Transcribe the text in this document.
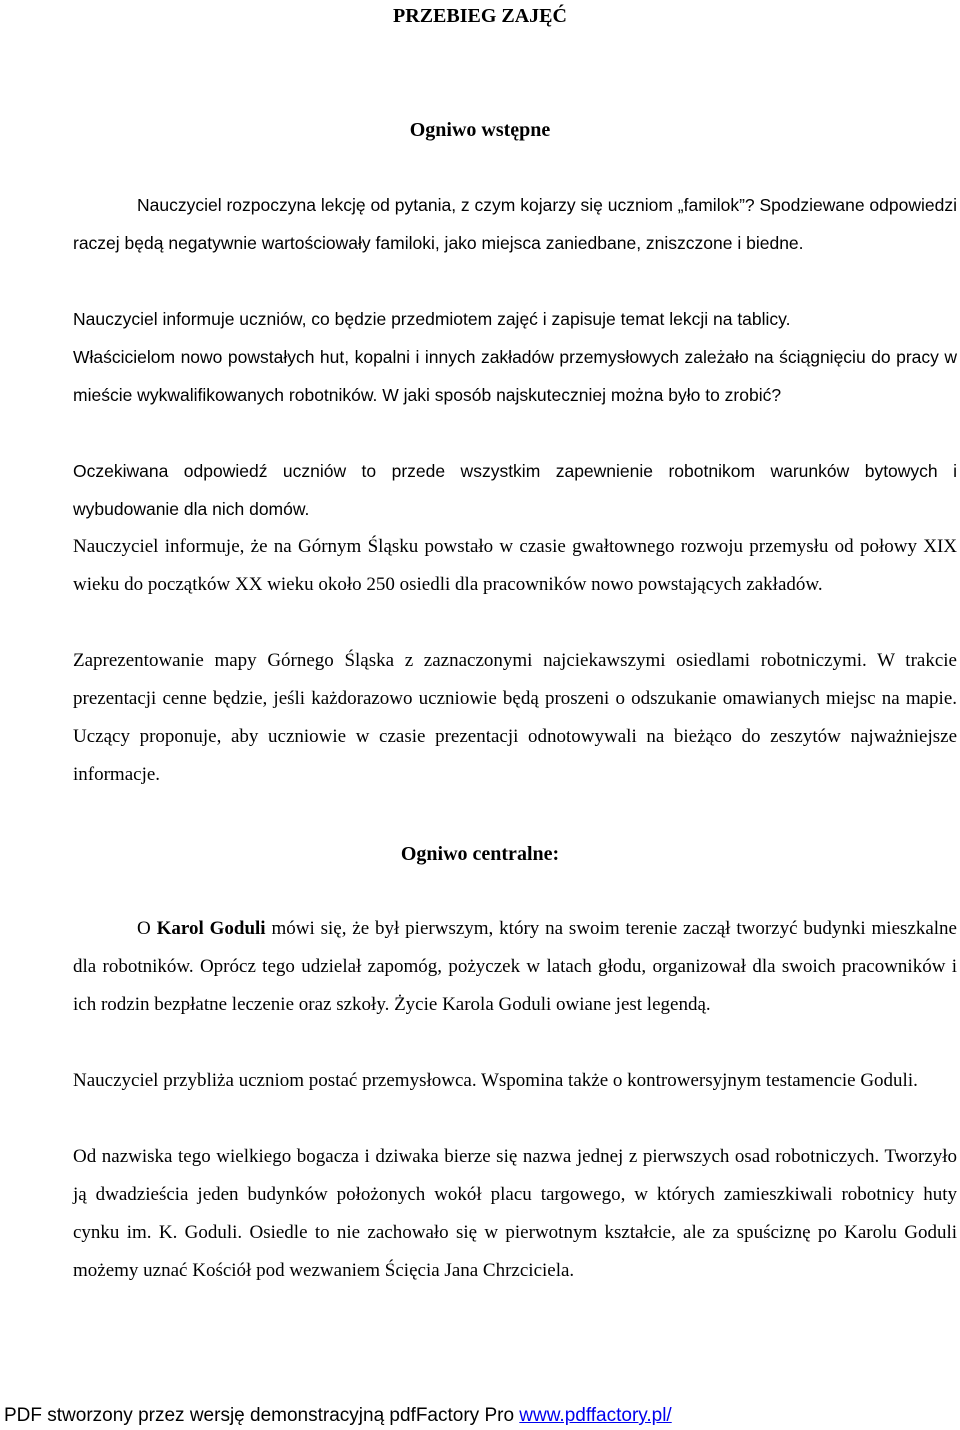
PRZEBIEG ZAJĘĆ
Ogniwo wstępne
Nauczyciel rozpoczyna lekcję od pytania, z czym kojarzy się uczniom „familok”? Spodziewane odpowiedzi raczej będą negatywnie wartościowały familoki, jako miejsca zaniedbane, zniszczone i biedne.
Nauczyciel informuje uczniów, co będzie przedmiotem zajęć i zapisuje temat lekcji na tablicy.
Właścicielom nowo powstałych hut, kopalni i innych zakładów przemysłowych zależało na ściągnięciu do pracy w mieście wykwalifikowanych robotników. W jaki sposób najskuteczniej można było to zrobić?
Oczekiwana odpowiedź uczniów to przede wszystkim zapewnienie robotnikom warunków bytowych i wybudowanie dla nich domów.
Nauczyciel informuje, że na Górnym Śląsku powstało w czasie gwałtownego rozwoju przemysłu od połowy XIX wieku do początków XX wieku około 250 osiedli dla pracowników nowo powstających zakładów.
Zaprezentowanie mapy Górnego Śląska z zaznaczonymi najciekawszymi osiedlami robotniczymi. W trakcie prezentacji cenne będzie, jeśli każdorazowo uczniowie będą proszeni o odszukanie omawianych miejsc na mapie. Uczący proponuje, aby uczniowie w czasie prezentacji odnotowywali na bieżąco do zeszytów najważniejsze informacje.
Ogniwo centralne:
O Karol Goduli mówi się, że był pierwszym, który na swoim terenie zaczął tworzyć budynki mieszkalne dla robotników. Oprócz tego udzielał zapomóg, pożyczek w latach głodu, organizował dla swoich pracowników i ich rodzin bezpłatne leczenie oraz szkoły. Życie Karola Goduli owiane jest legendą.
Nauczyciel przybliża uczniom postać przemysłowca. Wspomina także o kontrowersyjnym testamencie Goduli.
Od nazwiska tego wielkiego bogacza i dziwaka bierze się nazwa jednej z pierwszych osad robotniczych. Tworzyło ją dwadzieścia jeden budynków położonych wokół placu targowego, w których zamieszkiwali robotnicy huty cynku im. K. Goduli. Osiedle to nie zachowało się w pierwotnym kształcie, ale za spuściznę po Karolu Goduli możemy uznać Kościół pod wezwaniem Ścięcia Jana Chrzciciela.
PDF stworzony przez wersję demonstracyjną pdfFactory Pro www.pdffactory.pl/
